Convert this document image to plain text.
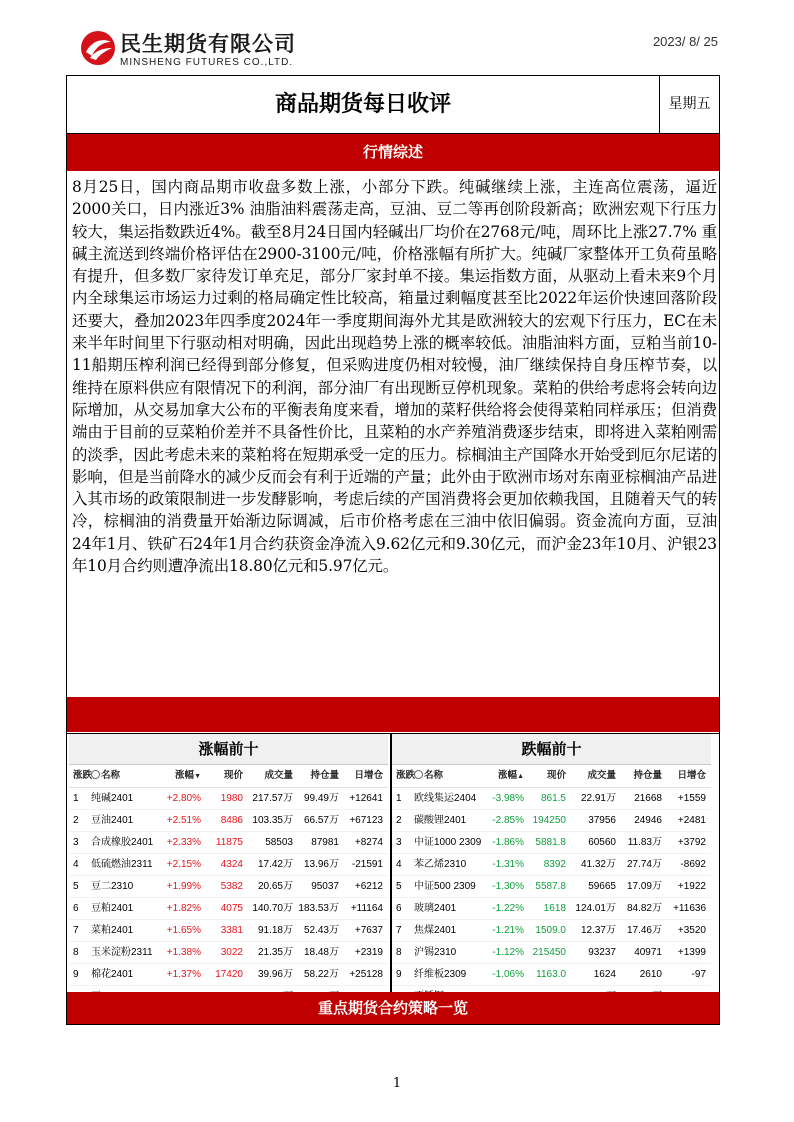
民生期货有限公司
MINSHENG FUTURES CO.,LTD.
2023/ 8/ 25
商品期货每日收评	星期五
行情综述
8月25日，国内商品期市收盘多数上涨，小部分下跌。纯碱继续上涨，主连高位震荡，逼近2000关口，日内涨近3% 油脂油料震荡走高，豆油、豆二等再创阶段新高；欧洲宏观下行压力较大，集运指数跌近4%。截至8月24日国内轻碱出厂均价在2768元/吨，周环比上涨27.7% 重碱主流送到终端价格评估在2900-3100元/吨，价格涨幅有所扩大。纯碱厂家整体开工负荷虽略有提升，但多数厂家待发订单充足，部分厂家封单不接。集运指数方面，从驱动上看未来9个月内全球集运市场运力过剩的格局确定性比较高，箱量过剩幅度甚至比2022年运价快速回落阶段还要大，叠加2023年四季度2024年一季度期间海外尤其是欧洲较大的宏观下行压力，EC在未来半年时间里下行驱动相对明确，因此出现趋势上涨的概率较低。油脂油料方面，豆粕当前10-11船期压榨利润已经得到部分修复，但采购进度仍相对较慢，油厂继续保持自身压榨节奏，以维持在原料供应有限情况下的利润，部分油厂有出现断豆停机现象。菜粕的供给考虑将会转向边际增加，从交易加拿大公布的平衡表角度来看，增加的菜籽供给将会使得菜粕同样承压；但消费端由于目前的豆菜粕价差并不具备性价比，且菜粕的水产养殖消费逐步结束，即将进入菜粕刚需的淡季，因此考虑未来的菜粕将在短期承受一定的压力。棕榈油主产国降水开始受到厄尔尼诺的影响，但是当前降水的减少反而会有利于近端的产量；此外由于欧洲市场对东南亚棕榈油产品进入其市场的政策限制进一步发酵影响，考虑后续的产国消费将会更加依赖我国，且随着天气的转冷，棕榈油的消费量开始渐边际调减，后市价格考虑在三油中依旧偏弱。资金流向方面，豆油24年1月、铁矿石24年1月合约获资金净流入9.62亿元和9.30亿元，而沪金23年10月、沪银23年10月合约则遭净流出18.80亿元和5.97亿元。
涨幅前十
涨跌 名称	涨幅▼	现价	成交量	持仓量	日增仓
1	纯碱2401	+2.80%	1980 217.57万	99.49万	+12641
2	豆油2401	+2.51%	8486 103.35万	66.57万	+67123
3	合成橡胶2401	+2.33%	11875	58503	87981	+8274
4	低硫燃油2311	+2.15%	4324	17.42万	13.96万	-21591
5	豆二2310	+1.99%	5382	20.65万	95037	+6212
6	豆粕2401	+1.82%	4075 140.70万 183.53万	+11164
7	菜粕2401	+1.65%	3381	91.18万	52.43万	+7637
8	玉米淀粉2311	+1.38%	3022	21.35万	18.48万	+2319
9	棉花2401	+1.37%	17420	39.96万	58.22万	+25128
跌幅前十
涨跌 名称	涨幅▲	现价	成交量	持仓量	日增仓
1	欧线集运2404	-3.98%	861.5	22.91万	21668	+1559
2	碳酸锂2401	-2.85% 194250	37956	24946	+2481
3	中证1000 2309	-1.86%	5881.8	60560	11.83万	+3792
4	苯乙烯2310	-1.31%	8392	41.32万	27.74万	-8692
5	中证500 2309	-1.30%	5587.8	59665	17.09万	+1922
6	玻璃2401	-1.22%	1618 124.01万	84.82万	+11636
7	焦煤2401	-1.21%	1509.0	12.37万	17.46万	+3520
8	沪锡2310	-1.12% 215450	93237	40971	+1399
9	纤维板2309	-1.06%	1163.0	1624	2610	-97
重点期货合约策略一览
1
